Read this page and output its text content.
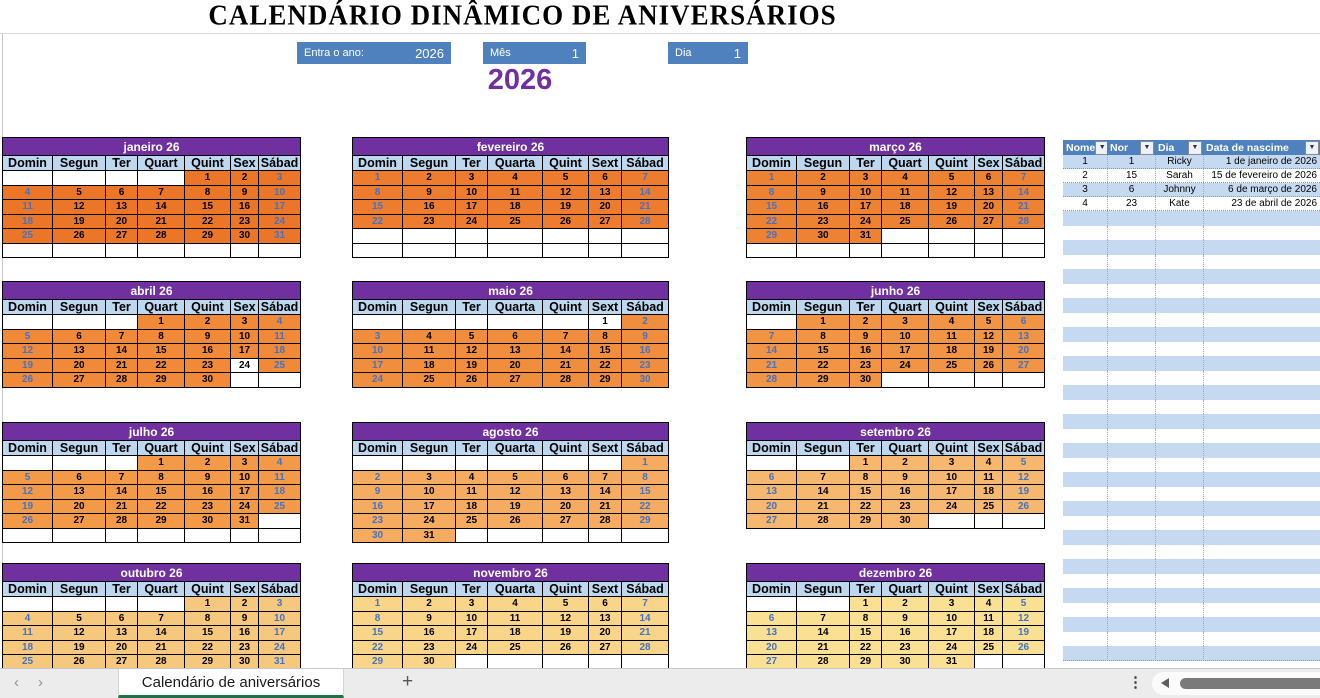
CALENDÁRIO DINÂMICO DE ANIVERSÁRIOS
Entra o ano:	2026	Mês	1	Dia	1
2026
janeiro 26						
Domin	Segun	Ter	Quart	Quint	Sex	Sábad
				1	2	3
4	5	6	7	8	9	10
11	12	13	14	15	16	17
18	19	20	21	22	23	24
25	26	27	28	29	30	31

fevereiro 26						
Domin	Segun	Ter	Quarta	Quint	Sext	Sábad
1	2	3	4	5	6	7
8	9	10	11	12	13	14
15	16	17	18	19	20	21
22	23	24	25	26	27	28

março 26						
Domin	Segun	Ter	Quart	Quint	Sex	Sábad
1	2	3	4	5	6	7
8	9	10	11	12	13	14
15	16	17	18	19	20	21
22	23	24	25	26	27	28
29	30	31				

abril 26						
Domin	Segun	Ter	Quart	Quint	Sex	Sábad
			1	2	3	4
5	6	7	8	9	10	11
12	13	14	15	16	17	18
19	20	21	22	23	24	25
26	27	28	29	30		
maio 26						
Domin	Segun	Ter	Quarta	Quint	Sext	Sábad
					1	2
3	4	5	6	7	8	9
10	11	12	13	14	15	16
17	18	19	20	21	22	23
24	25	26	27	28	29	30
junho 26						
Domin	Segun	Ter	Quart	Quint	Sex	Sábad
	1	2	3	4	5	6
7	8	9	10	11	12	13
14	15	16	17	18	19	20
21	22	23	24	25	26	27
28	29	30				
julho 26						
Domin	Segun	Ter	Quart	Quint	Sex	Sábad
			1	2	3	4
5	6	7	8	9	10	11
12	13	14	15	16	17	18
19	20	21	22	23	24	25
26	27	28	29	30	31	

agosto 26						
Domin	Segun	Ter	Quarta	Quint	Sext	Sábad
						1
2	3	4	5	6	7	8
9	10	11	12	13	14	15
16	17	18	19	20	21	22
23	24	25	26	27	28	29
30	31					
setembro 26						
Domin	Segun	Ter	Quart	Quint	Sex	Sábad
		1	2	3	4	5
6	7	8	9	10	11	12
13	14	15	16	17	18	19
20	21	22	23	24	25	26
27	28	29	30			
outubro 26						
Domin	Segun	Ter	Quart	Quint	Sex	Sábad
				1	2	3
4	5	6	7	8	9	10
11	12	13	14	15	16	17
18	19	20	21	22	23	24
25	26	27	28	29	30	31
novembro 26						
Domin	Segun	Ter	Quarta	Quint	Sext	Sábad
1	2	3	4	5	6	7
8	9	10	11	12	13	14
15	16	17	18	19	20	21
22	23	24	25	26	27	28
29	30					
dezembro 26						
Domin	Segun	Ter	Quart	Quint	Sex	Sábad
		1	2	3	4	5
6	7	8	9	10	11	12
13	14	15	16	17	18	19
20	21	22	23	24	25	26
27	28	29	30	31		
Nome ▼ Nor	▼ Dia	▼ Data de nascime	▼
1	1	Ricky	1 de janeiro de 2026
2	15	Sarah	15 de fevereiro de 2026
3	6	Johnny	6 de março de 2026
4	23	Kate	23 de abril de 2026
‹ ›	Calendário de aniversários	+	⋮
